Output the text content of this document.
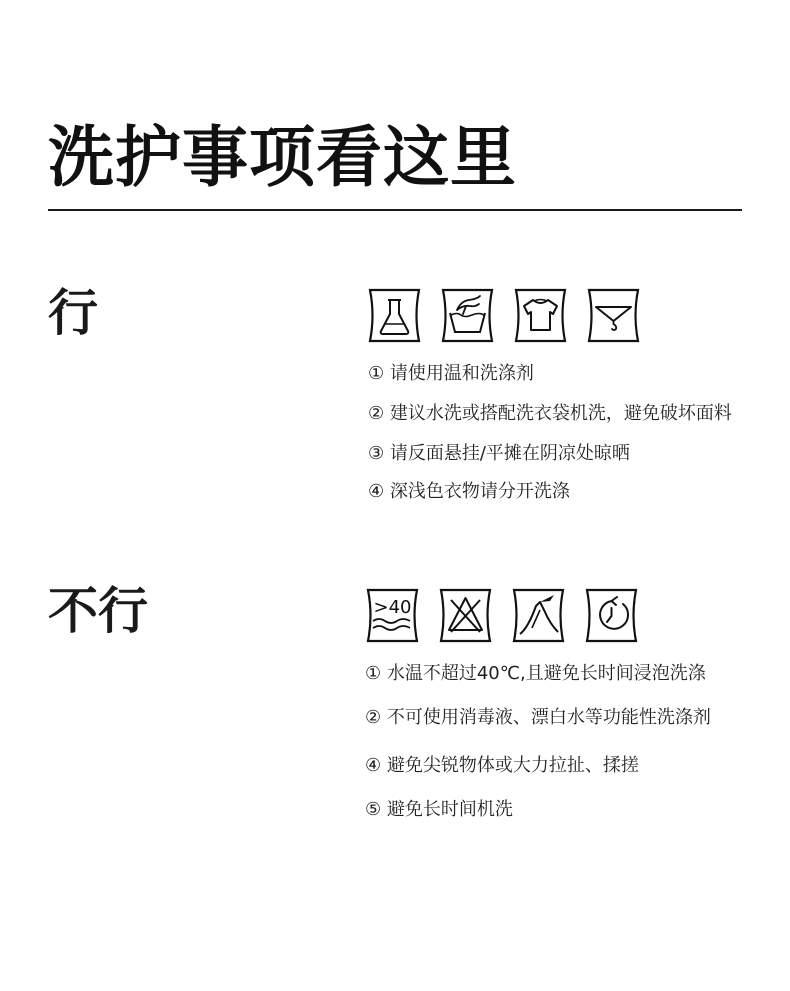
洗护事项看这里
行
① 请使用温和洗涤剂
② 建议水洗或搭配洗衣袋机洗，避免破坏面料
③ 请反面悬挂/平摊在阴凉处晾晒
④ 深浅色衣物请分开洗涤
不行	>40
① 水温不超过40℃,且避免长时间浸泡洗涤
② 不可使用消毒液、漂白水等功能性洗涤剂
④ 避免尖锐物体或大力拉扯、揉搓
⑤ 避免长时间机洗
